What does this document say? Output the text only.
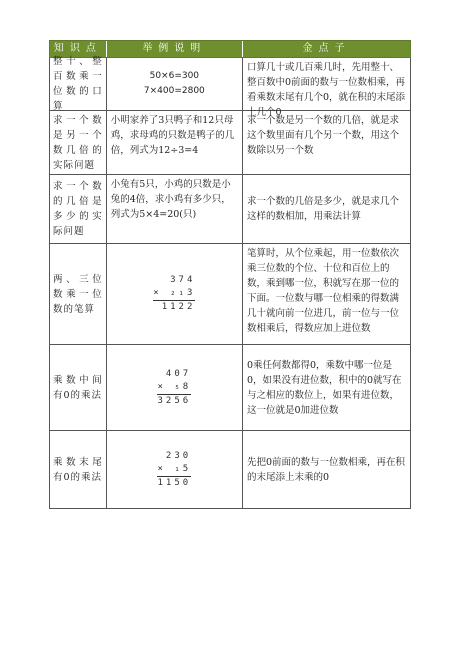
知识点	举例说明	金点子
整十、整百数乘一位数的口算
50×6=300
7×400=2800
口算几十或几百乘几时，先用整十、整百数中0前面的数与一位数相乘，再看乘数末尾有几个0，就在积的末尾添上几个0
求一个数是另一个数几倍的实际问题
小明家养了3只鸭子和12只母鸡，求母鸡的只数是鸭子的几倍，列式为12÷3=4
求一个数是另一个数的几倍，就是求这个数里面有几个另一个数，用这个数除以另一个数
求一个数的几倍是多少的实际问题
小兔有5只，小鸡的只数是小兔的4倍，求小鸡有多少只，列式为5×4=20(只)
求一个数的几倍是多少，就是求几个这样的数相加，用乘法计算
两、三位数乘一位数的笔算
374
× ₂₁3
1122
笔算时，从个位乘起，用一位数依次乘三位数的个位、十位和百位上的数，乘到哪一位，积就写在那一位的下面。一位数与哪一位相乘的得数满几十就向前一位进几，前一位与一位数相乘后，得数应加上进位数
乘数中间有0的乘法
407
× ₅8
3256
0乘任何数都得0，乘数中哪一位是0，如果没有进位数，积中的0就写在与之相应的数位上，如果有进位数，这一位就是0加进位数
乘数末尾有0的乘法
230
× ₁5
1150
先把0前面的数与一位数相乘，再在积的末尾添上末乘的0
